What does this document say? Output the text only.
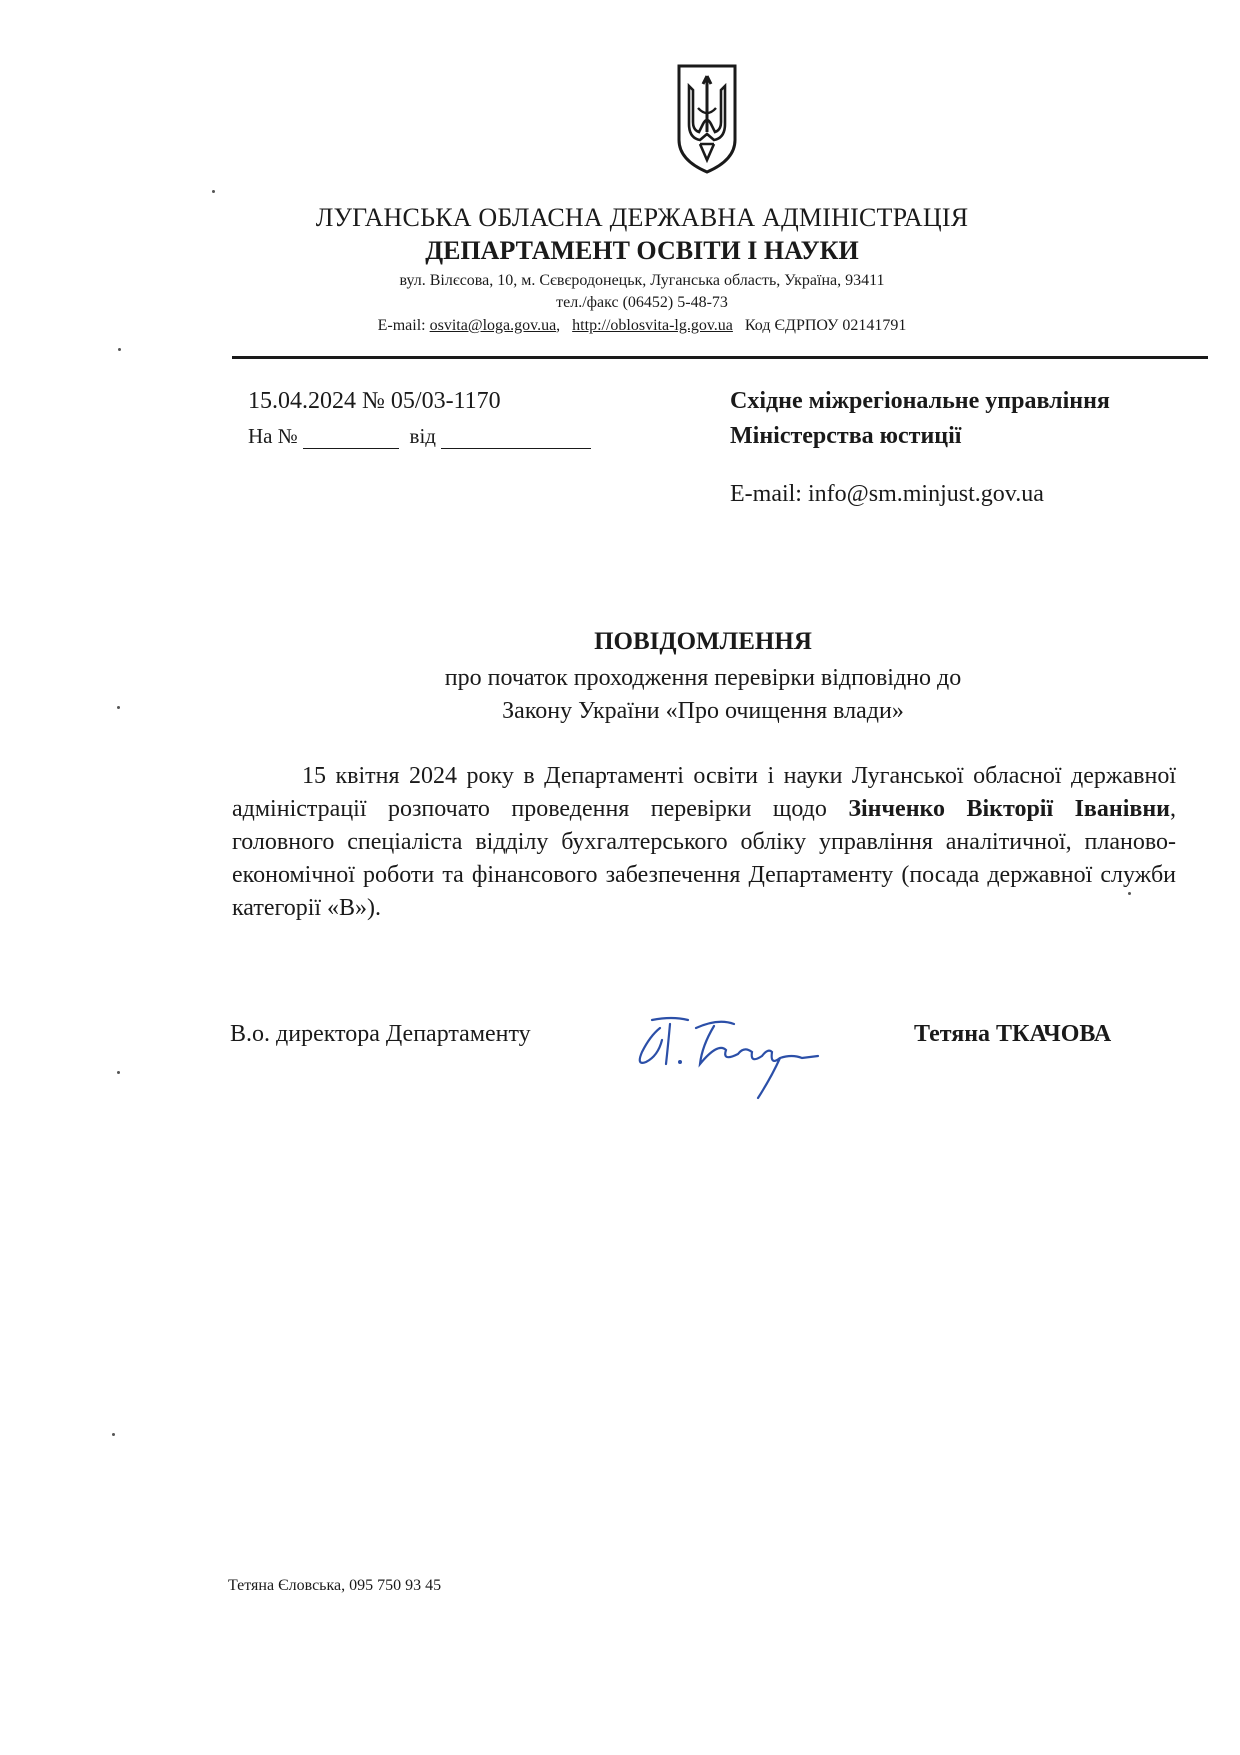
ЛУГАНСЬКА ОБЛАСНА ДЕРЖАВНА АДМІНІСТРАЦІЯ
ДЕПАРТАМЕНТ ОСВІТИ І НАУКИ
вул. Вілєсова, 10, м. Сєвєродонецьк, Луганська область, Україна, 93411
тел./факс (06452) 5-48-73
E-mail: osvita@loga.gov.ua, http://oblosvita-lg.gov.ua Код ЄДРПОУ 02141791
15.04.2024 № 05/03-1170
На №	від
Східне міжрегіональне управління
Міністерства юстиції
E-mail: info@sm.minjust.gov.ua
ПОВІДОМЛЕННЯ
про початок проходження перевірки відповідно до
Закону України «Про очищення влади»
15 квітня 2024 року в Департаменті освіти і науки Луганської обласної державної адміністрації розпочато проведення перевірки щодо Зінченко Вікторії Іванівни, головного спеціаліста відділу бухгалтерського обліку управління аналітичної, планово-економічної роботи та фінансового забезпечення Департаменту (посада державної служби категорії «В»).
В.о. директора Департаменту	Тетяна ТКАЧОВА
Тетяна Єловська, 095 750 93 45
